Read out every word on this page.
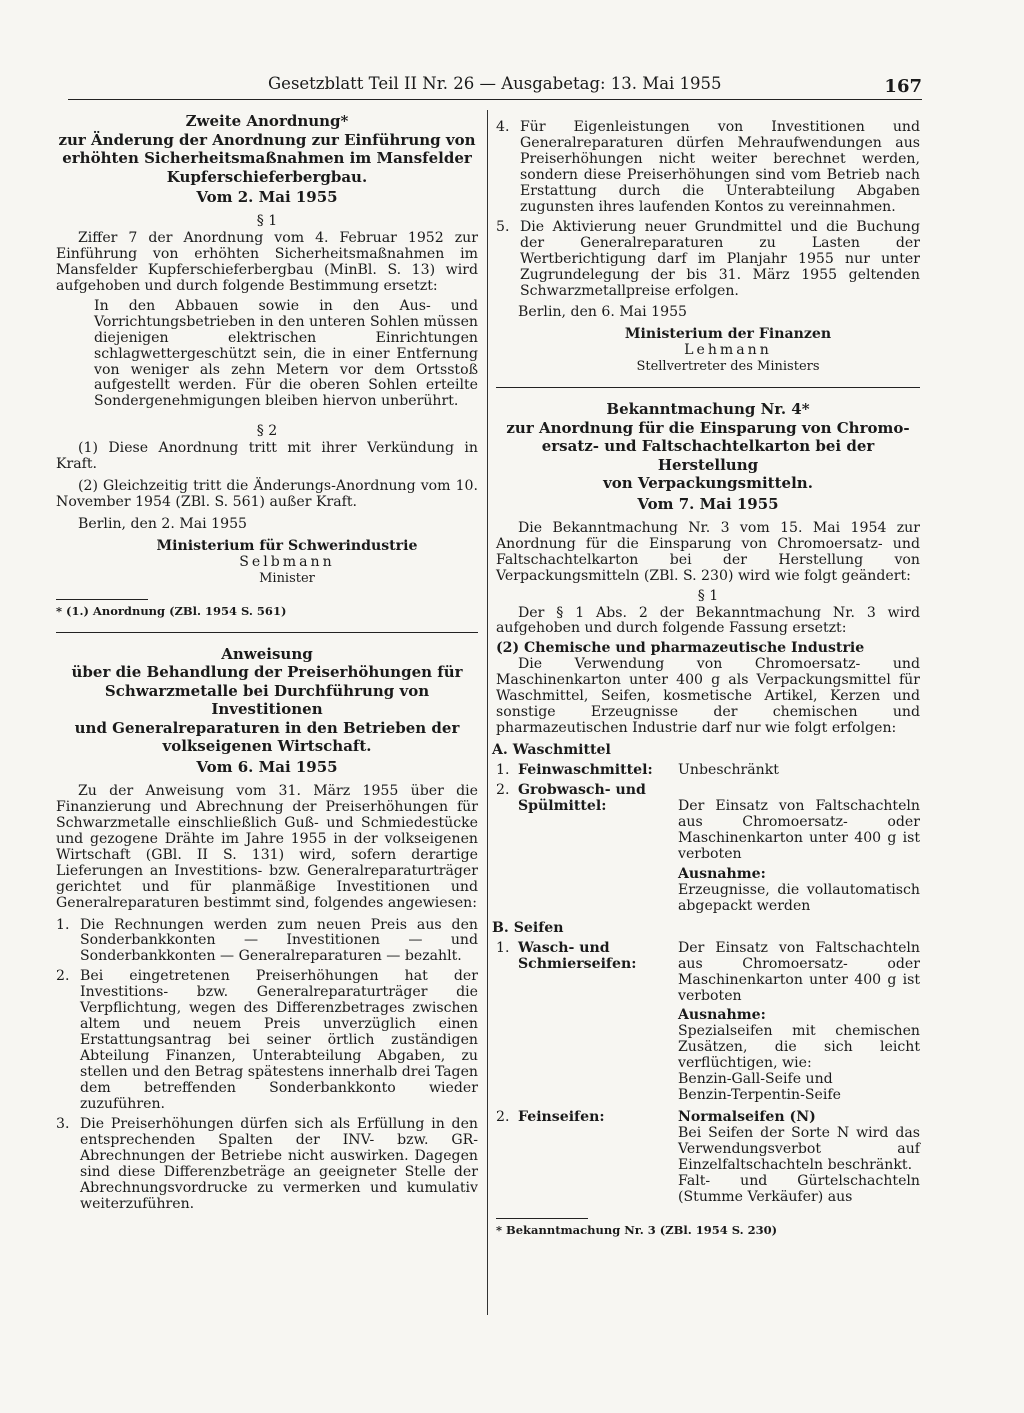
Gesetzblatt Teil II Nr. 26 — Ausgabetag: 13. Mai 1955	167
Zweite Anordnung*
zur Änderung der Anordnung zur Einführung von
erhöhten Sicherheitsmaßnahmen im Mansfelder
Kupferschieferbergbau.

Vom 2. Mai 1955

§ 1

Ziffer 7 der Anordnung vom 4. Februar 1952 zur Einführung von erhöhten Sicherheitsmaßnahmen im Mansfelder Kupferschieferbergbau (MinBl. S. 13) wird aufgehoben und durch folgende Bestimmung ersetzt:

In den Abbauen sowie in den Aus- und Vorrichtungsbetrieben in den unteren Sohlen müssen diejenigen elektrischen Einrichtungen schlagwettergeschützt sein, die in einer Entfernung von weniger als zehn Metern vor dem Ortsstoß aufgestellt werden. Für die oberen Sohlen erteilte Sondergenehmigungen bleiben hiervon unberührt.

§ 2

(1) Diese Anordnung tritt mit ihrer Verkündung in Kraft.

(2) Gleichzeitig tritt die Änderungs-Anordnung vom 10. November 1954 (ZBl. S. 561) außer Kraft.

Berlin, den 2. Mai 1955

Ministerium für Schwerindustrie

Selbmann

Minister

* (1.) Anordnung (ZBl. 1954 S. 561)

Anweisung
über die Behandlung der Preiserhöhungen für
Schwarzmetalle bei Durchführung von Investitionen
und Generalreparaturen in den Betrieben der
volkseigenen Wirtschaft.

Vom 6. Mai 1955

Zu der Anweisung vom 31. März 1955 über die Finanzierung und Abrechnung der Preiserhöhungen für Schwarzmetalle einschließlich Guß- und Schmiedestücke und gezogene Drähte im Jahre 1955 in der volkseigenen Wirtschaft (GBl. II S. 131) wird, sofern derartige Lieferungen an Investitions- bzw. Generalreparaturträger gerichtet und für planmäßige Investitionen und Generalreparaturen bestimmt sind, folgendes angewiesen:

1. Die Rechnungen werden zum neuen Preis aus den Sonderbankkonten — Investitionen — und Sonderbankkonten — Generalreparaturen — bezahlt.
2. Bei eingetretenen Preiserhöhungen hat der Investitions- bzw. Generalreparaturträger die Verpflichtung, wegen des Differenzbetrages zwischen altem und neuem Preis unverzüglich einen Erstattungsantrag bei seiner örtlich zuständigen Abteilung Finanzen, Unterabteilung Abgaben, zu stellen und den Betrag spätestens innerhalb drei Tagen dem betreffenden Sonderbankkonto wieder zuzuführen.
3. Die Preiserhöhungen dürfen sich als Erfüllung in den entsprechenden Spalten der INV- bzw. GR-Abrechnungen der Betriebe nicht auswirken. Dagegen sind diese Differenzbeträge an geeigneter Stelle der Abrechnungsvordrucke zu vermerken und kumulativ weiterzuführen.
4. Für Eigenleistungen von Investitionen und Generalreparaturen dürfen Mehraufwendungen aus Preiserhöhungen nicht weiter berechnet werden, sondern diese Preiserhöhungen sind vom Betrieb nach Erstattung durch die Unterabteilung Abgaben zugunsten ihres laufenden Kontos zu vereinnahmen.
5. Die Aktivierung neuer Grundmittel und die Buchung der Generalreparaturen zu Lasten der Wertberichtigung darf im Planjahr 1955 nur unter Zugrundelegung der bis 31. März 1955 geltenden Schwarzmetallpreise erfolgen.

Berlin, den 6. Mai 1955

Ministerium der Finanzen

Lehmann

Stellvertreter des Ministers

Bekanntmachung Nr. 4*
zur Anordnung für die Einsparung von Chromo-
ersatz- und Faltschachtelkarton bei der Herstellung
von Verpackungsmitteln.

Vom 7. Mai 1955

Die Bekanntmachung Nr. 3 vom 15. Mai 1954 zur Anordnung für die Einsparung von Chromoersatz- und Faltschachtelkarton bei der Herstellung von Verpackungsmitteln (ZBl. S. 230) wird wie folgt geändert:

§ 1

Der § 1 Abs. 2 der Bekanntmachung Nr. 3 wird aufgehoben und durch folgende Fassung ersetzt:

(2) Chemische und pharmazeutische Industrie

Die Verwendung von Chromoersatz- und Maschinenkarton unter 400 g als Verpackungsmittel für Waschmittel, Seifen, kosmetische Artikel, Kerzen und sonstige Erzeugnisse der chemischen und pharmazeutischen Industrie darf nur wie folgt erfolgen:

A. Waschmittel
1. Feinwaschmittel:	Unbeschränkt
2. Grobwasch- und Spülmittel:	Der Einsatz von Faltschachteln aus Chromoersatz- oder Maschinenkarton unter 400 g ist verboten

Ausnahme:

Erzeugnisse, die vollautomatisch abgepackt werden

B. Seifen
1. Wasch- und Schmierseifen:

Der Einsatz von Faltschachteln aus Chromoersatz- oder Maschinenkarton unter 400 g ist verboten

Ausnahme:

Spezialseifen mit chemischen Zusätzen, die sich leicht verflüchtigen, wie:

Benzin-Gall-Seife und

Benzin-Terpentin-Seife

2. Feinseifen:	Normalseifen (N)

Bei Seifen der Sorte N wird das Verwendungsverbot auf Einzelfaltschachteln beschränkt.

Falt- und Gürtelschachteln (Stumme Verkäufer) aus

* Bekanntmachung Nr. 3 (ZBl. 1954 S. 230)
